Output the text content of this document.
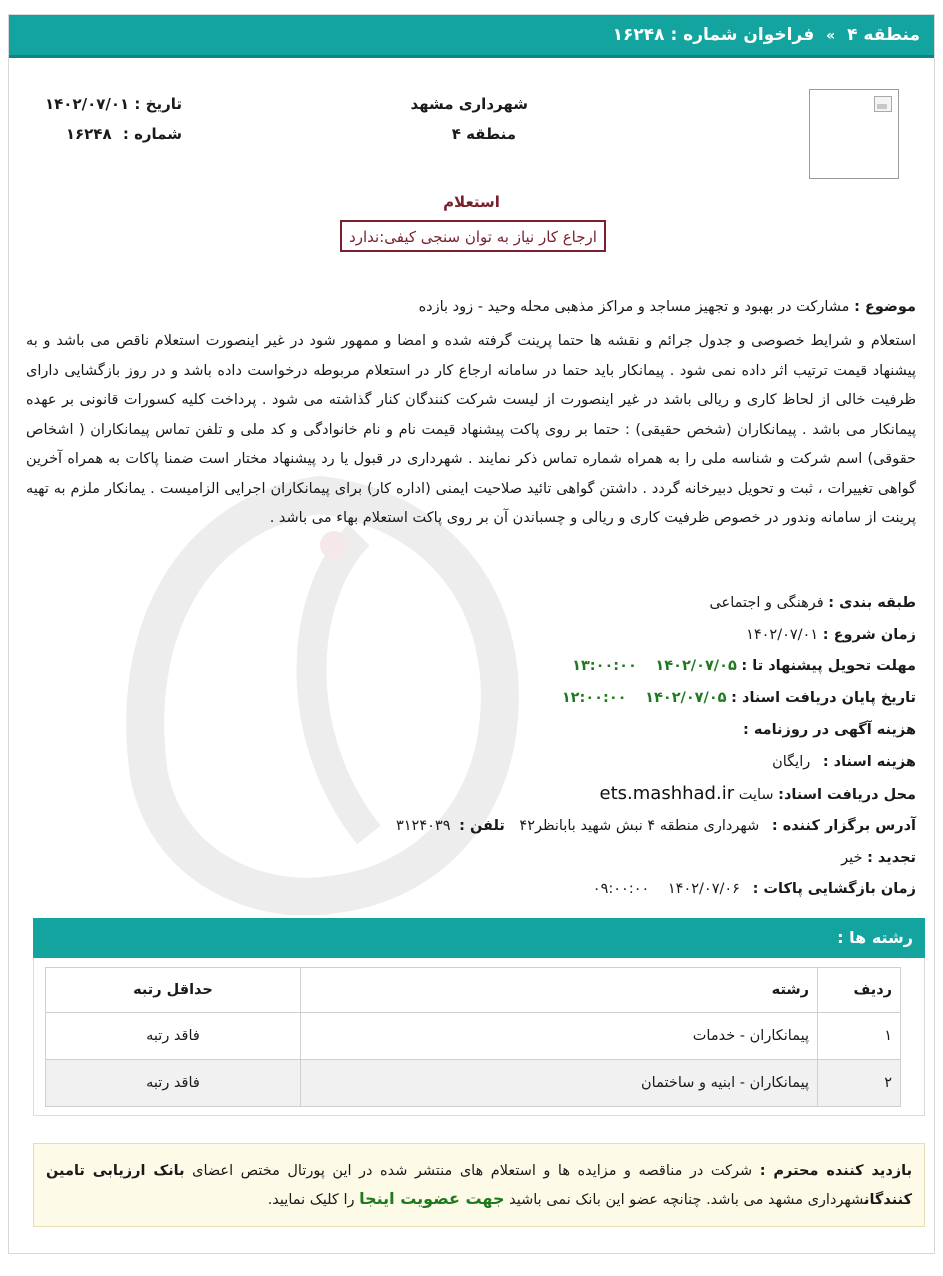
منطقه ۴ » فراخوان شماره : ۱۶۲۴۸
تاریخ : ۱۴۰۲/۰۷/۰۱
شماره : ۱۶۲۴۸
شهرداری مشهد
منطقه ۴
استعلام
ارجاع کار نیاز به توان سنجی کیفی:ندارد
موضوع : مشارکت در بهبود و تجهیز مساجد و مراکز مذهبی محله وحید - زود بازده
استعلام و شرایط خصوصی و جدول جرائم و نقشه ها حتما پرینت گرفته شده و امضا و ممهور شود در غیر اینصورت استعلام ناقص می باشد و به پیشنهاد قیمت ترتیب اثر داده نمی شود . پیمانکار باید حتما در سامانه ارجاع کار در استعلام مربوطه درخواست داده باشد و در روز بازگشایی دارای ظرفیت خالی از لحاظ کاری و ریالی باشد در غیر اینصورت از لیست شرکت کنندگان کنار گذاشته می شود . پرداخت کلیه کسورات قانونی بر عهده پیمانکار می باشد . پیمانکاران (شخص حقیقی) : حتما بر روی پاکت پیشنهاد قیمت نام و نام خانوادگی و کد ملی و تلفن تماس پیمانکاران ( اشخاص حقوقی) اسم شرکت و شناسه ملی را به همراه شماره تماس ذکر نمایند . شهرداری در قبول یا رد پیشنهاد مختار است ضمنا پاکات به همراه آخرین گواهی تغییرات ، ثبت و تحویل دبیرخانه گردد . داشتن گواهی تائید صلاحیت ایمنی (اداره کار) برای پیمانکاران اجرایی الزامیست . یمانکار ملزم به تهیه پرینت از سامانه وندور در خصوص ظرفیت کاری و ریالی و چسباندن آن بر روی پاکت استعلام بهاء می باشد .
طبقه بندی : فرهنگی و اجتماعی
زمان شروع : ۱۴۰۲/۰۷/۰۱
مهلت تحویل پیشنهاد تا : ۱۴۰۲/۰۷/۰۵ ۱۳:۰۰:۰۰
تاریخ پایان دریافت اسناد : ۱۴۰۲/۰۷/۰۵ ۱۲:۰۰:۰۰
هزینه آگهی در روزنامه :
هزینه اسناد : رایگان
محل دریافت اسناد: سایت ets.mashhad.ir
آدرس برگزار کننده : شهرداری منطقه ۴ نبش شهید بابانظر۴۲ تلفن : ۳۱۲۴۰۳۹
تجدید : خیر
زمان بازگشایی پاکات : ۱۴۰۲/۰۷/۰۶ ۰۹:۰۰:۰۰
رشته ها :
ردیف	رشته	حداقل رتبه
۱	پیمانکاران - خدمات	فاقد رتبه
۲	پیمانکاران - ابنیه و ساختمان	فاقد رتبه
بازدید کننده محترم : شرکت در مناقصه و مزایده ها و استعلام های منتشر شده در این پورتال مختص اعضای بانک ارزیابی تامین کنندگانشهرداری مشهد می باشد. چنانچه عضو این بانک نمی باشید جهت عضویت اینجا را کلیک نمایید.
